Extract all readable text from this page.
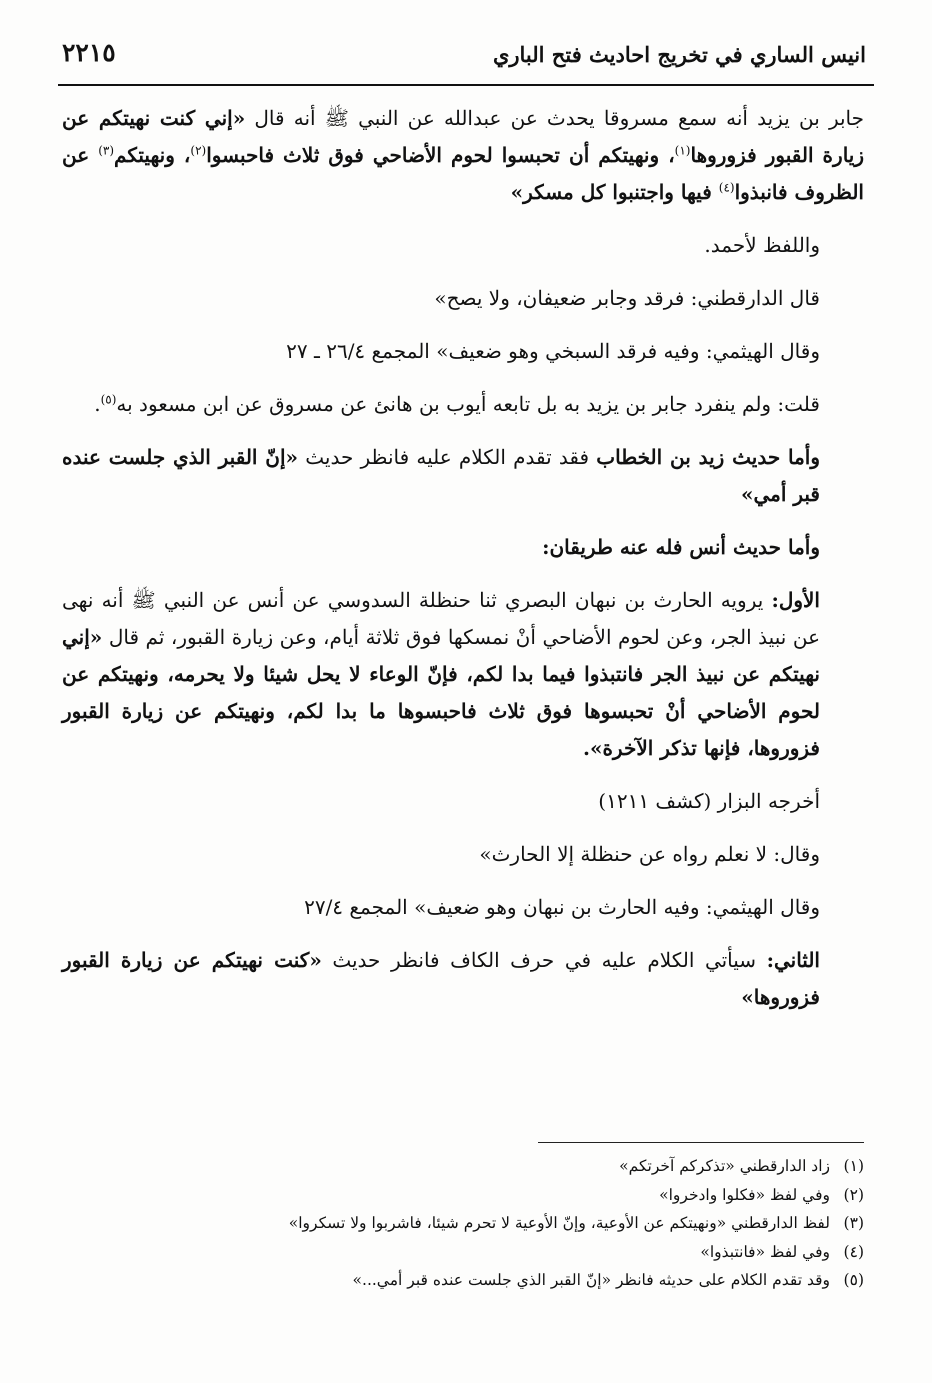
انيس الساري في تخريج احاديث فتح الباري
٢٢١٥

جابر بن يزيد أنه سمع مسروقا يحدث عن عبدالله عن النبي ﷺ أنه قال «إني كنت نهيتكم عن زيارة القبور فزوروها$^{(١)}$، ونهيتكم أن تحبسوا لحوم الأضاحي فوق ثلاث فاحبسوا$^{(٢)}$، ونهيتكم$^{(٣)}$ عن الظروف فانبذوا$^{(٤)}$ فيها واجتنبوا كل مسكر»

واللفظ لأحمد.

قال الدارقطني: فرقد وجابر ضعيفان، ولا يصح»

وقال الهيثمي: وفيه فرقد السبخي وهو ضعيف» المجمع ٢٦/٤ ـ ٢٧

قلت: ولم ينفرد جابر بن يزيد به بل تابعه أيوب بن هانئ عن مسروق عن ابن مسعود به$^{(٥)}$.

وأما حديث زيد بن الخطاب فقد تقدم الكلام عليه فانظر حديث «إنّ القبر الذي جلست عنده قبر أمي»

وأما حديث أنس فله عنه طريقان:

الأول: يرويه الحارث بن نبهان البصري ثنا حنظلة السدوسي عن أنس عن النبي ﷺ أنه نهى عن نبيذ الجر، وعن لحوم الأضاحي أنْ نمسكها فوق ثلاثة أيام، وعن زيارة القبور، ثم قال «إني نهيتكم عن نبيذ الجر فانتبذوا فيما بدا لكم، فإنّ الوعاء لا يحل شيئا ولا يحرمه، ونهيتكم عن لحوم الأضاحي أنْ تحبسوها فوق ثلاث فاحبسوها ما بدا لكم، ونهيتكم عن زيارة القبور فزوروها، فإنها تذكر الآخرة».

أخرجه البزار (كشف ١٢١١)

وقال: لا نعلم رواه عن حنظلة إلا الحارث»

وقال الهيثمي: وفيه الحارث بن نبهان وهو ضعيف» المجمع ٢٧/٤

الثاني: سيأتي الكلام عليه في حرف الكاف فانظر حديث «كنت نهيتكم عن زيارة القبور فزوروها»

(١)زاد الدارقطني «تذكركم آخرتكم»

(٢)وفي لفظ «فكلوا وادخروا»

(٣)لفظ الدارقطني «ونهيتكم عن الأوعية، وإنّ الأوعية لا تحرم شيئا، فاشربوا ولا تسكروا»

(٤)وفي لفظ «فانتبذوا»

(٥)وقد تقدم الكلام على حديثه فانظر «إنّ القبر الذي جلست عنده قبر أمي...»
